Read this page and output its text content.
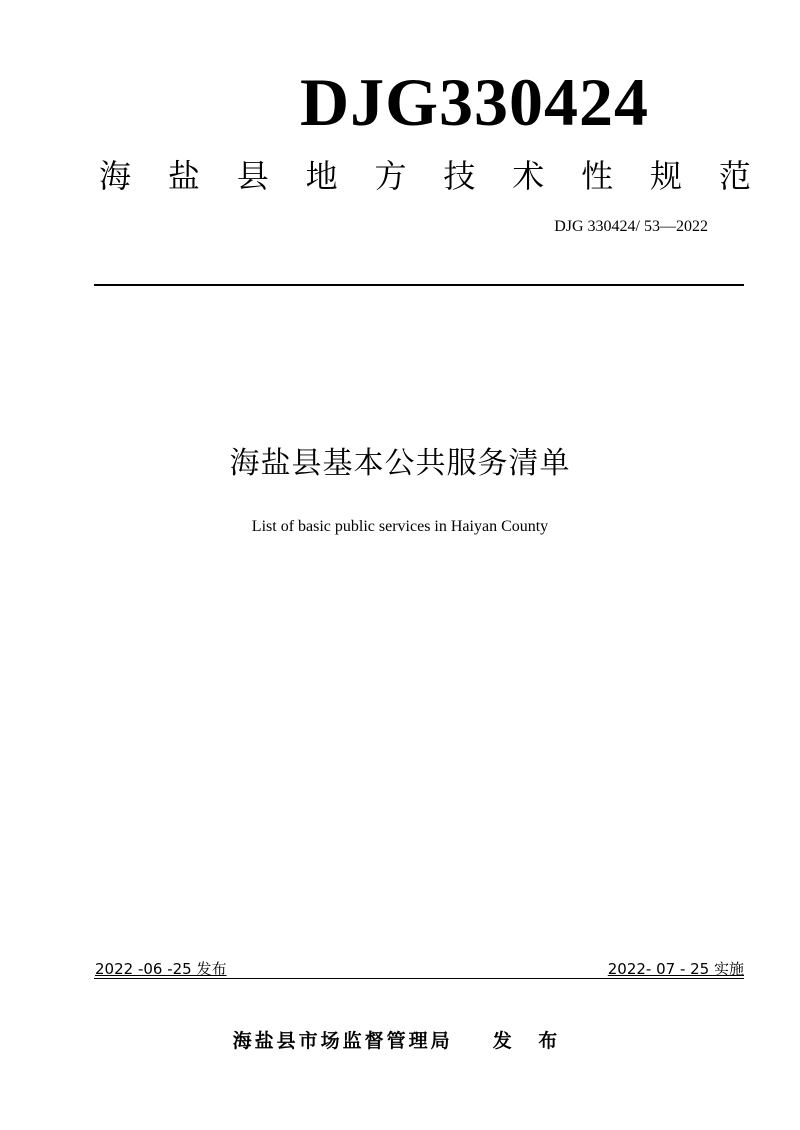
DJG330424
海 盐 县 地 方 技 术 性 规 范
DJG 330424/ 53—2022
海盐县基本公共服务清单
List of basic public services in Haiyan County
2022 -06 -25 发布	2022- 07 - 25 实施
海盐县市场监督管理局 发 布
